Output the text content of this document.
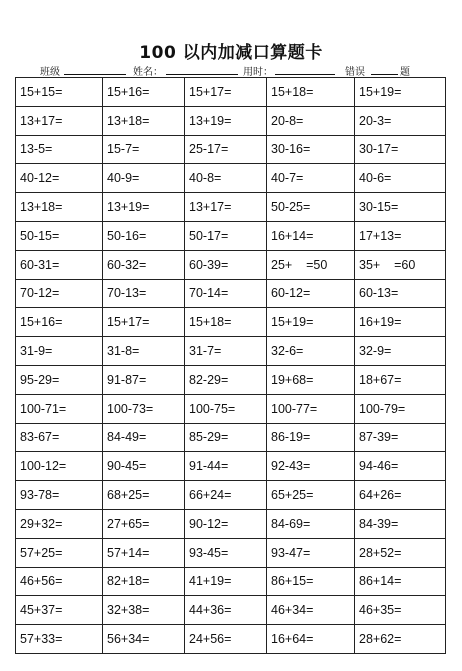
100 以内加减口算题卡
班级	姓名：	用时：	错误	题
15+15=	15+16=	15+17=	15+18=	15+19=
13+17=	13+18=	13+19=	20-8=	20-3=
13-5=	15-7=	25-17=	30-16=	30-17=
40-12=	40-9=	40-8=	40-7=	40-6=
13+18=	13+19=	13+17=	50-25=	30-15=
50-15=	50-16=	50-17=	16+14=	17+13=
60-31=	60-32=	60-39=	25+    =50	35+    =60
70-12=	70-13=	70-14=	60-12=	60-13=
15+16=	15+17=	15+18=	15+19=	16+19=
31-9=	31-8=	31-7=	32-6=	32-9=
95-29=	91-87=	82-29=	19+68=	18+67=
100-71=	100-73=	100-75=	100-77=	100-79=
83-67=	84-49=	85-29=	86-19=	87-39=
100-12=	90-45=	91-44=	92-43=	94-46=
93-78=	68+25=	66+24=	65+25=	64+26=
29+32=	27+65=	90-12=	84-69=	84-39=
57+25=	57+14=	93-45=	93-47=	28+52=
46+56=	82+18=	41+19=	86+15=	86+14=
45+37=	32+38=	44+36=	46+34=	46+35=
57+33=	56+34=	24+56=	16+64=	28+62=
